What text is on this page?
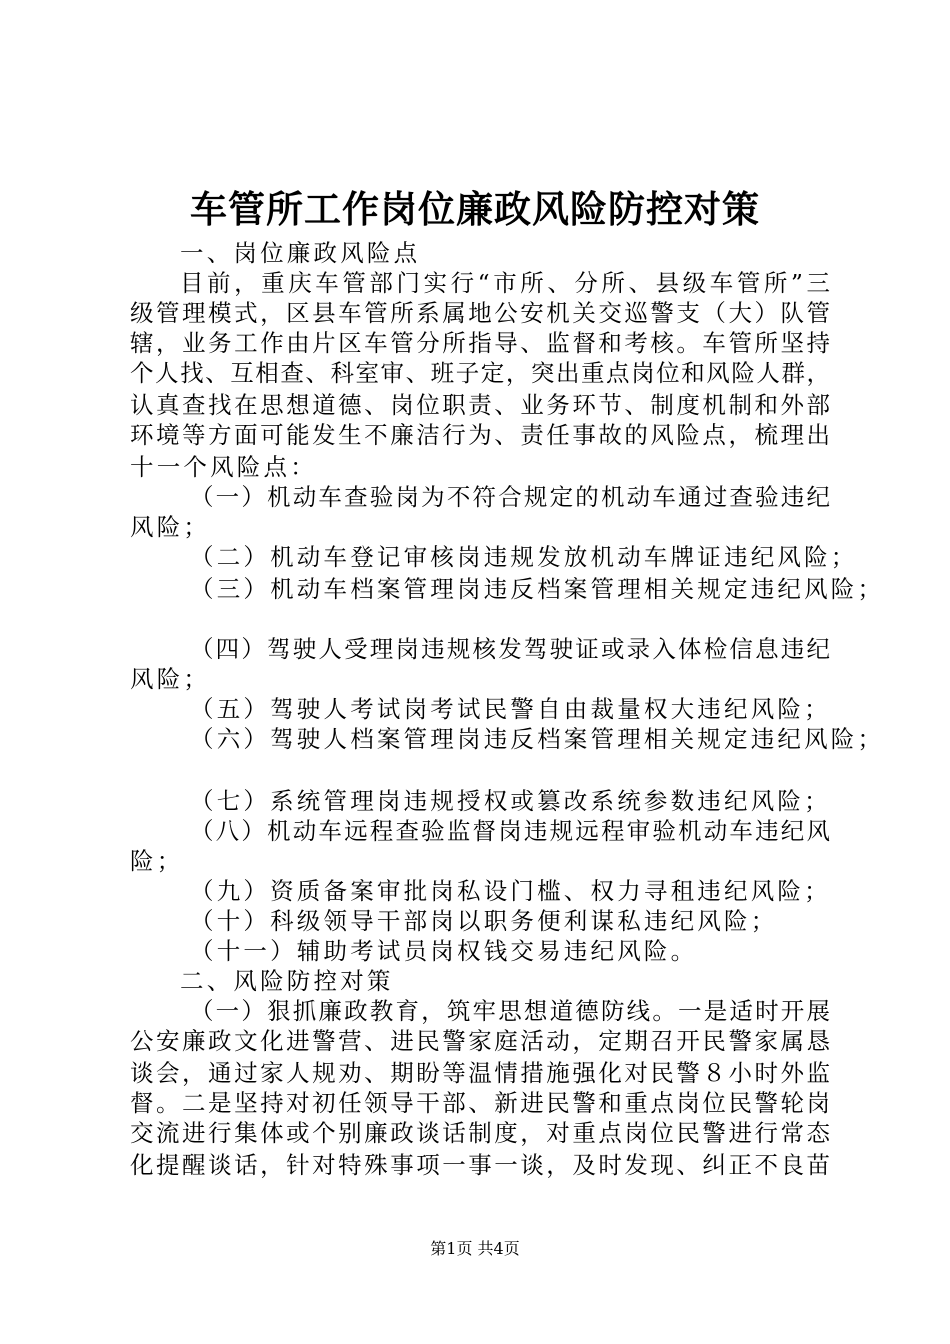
车管所工作岗位廉政风险防控对策
一、岗位廉政风险点
目前，重庆车管部门实行“市所、分所、县级车管所”三
级管理模式，区县车管所系属地公安机关交巡警支（大）队管
辖，业务工作由片区车管分所指导、监督和考核。车管所坚持
个人找、互相查、科室审、班子定，突出重点岗位和风险人群，
认真查找在思想道德、岗位职责、业务环节、制度机制和外部
环境等方面可能发生不廉洁行为、责任事故的风险点，梳理出
十一个风险点：
（一）机动车查验岗为不符合规定的机动车通过查验违纪
风险；
（二）机动车登记审核岗违规发放机动车牌证违纪风险；
（三）机动车档案管理岗违反档案管理相关规定违纪风险；
（四）驾驶人受理岗违规核发驾驶证或录入体检信息违纪
风险；
（五）驾驶人考试岗考试民警自由裁量权大违纪风险；
（六）驾驶人档案管理岗违反档案管理相关规定违纪风险；
（七）系统管理岗违规授权或篡改系统参数违纪风险；
（八）机动车远程查验监督岗违规远程审验机动车违纪风
险；
（九）资质备案审批岗私设门槛、权力寻租违纪风险；
（十）科级领导干部岗以职务便利谋私违纪风险；
（十一）辅助考试员岗权钱交易违纪风险。
二、风险防控对策
（一）狠抓廉政教育，筑牢思想道德防线。一是适时开展
公安廉政文化进警营、进民警家庭活动，定期召开民警家属恳
谈会，通过家人规劝、期盼等温情措施强化对民警８小时外监
督。二是坚持对初任领导干部、新进民警和重点岗位民警轮岗
交流进行集体或个别廉政谈话制度，对重点岗位民警进行常态
化提醒谈话，针对特殊事项一事一谈，及时发现、纠正不良苗
第1页 共4页
